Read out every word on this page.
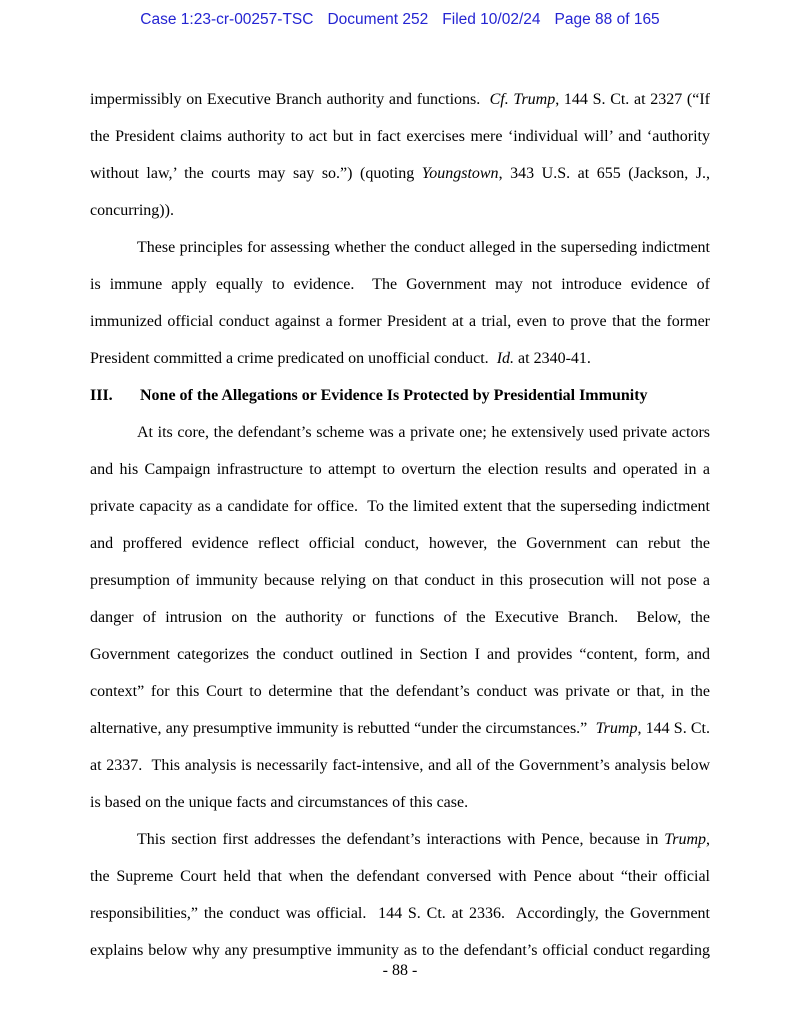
Case 1:23-cr-00257-TSC Document 252 Filed 10/02/24 Page 88 of 165

impermissibly on Executive Branch authority and functions.  Cf. Trump, 144 S. Ct. at 2327 (“If the President claims authority to act but in fact exercises mere ‘individual will’ and ‘authority without law,’ the courts may say so.”) (quoting Youngstown, 343 U.S. at 655 (Jackson, J., concurring)).

These principles for assessing whether the conduct alleged in the superseding indictment is immune apply equally to evidence.  The Government may not introduce evidence of immunized official conduct against a former President at a trial, even to prove that the former President committed a crime predicated on unofficial conduct.  Id. at 2340-41.

III. None of the Allegations or Evidence Is Protected by Presidential Immunity

At its core, the defendant’s scheme was a private one; he extensively used private actors and his Campaign infrastructure to attempt to overturn the election results and operated in a private capacity as a candidate for office.  To the limited extent that the superseding indictment and proffered evidence reflect official conduct, however, the Government can rebut the presumption of immunity because relying on that conduct in this prosecution will not pose a danger of intrusion on the authority or functions of the Executive Branch.  Below, the Government categorizes the conduct outlined in Section I and provides “content, form, and context” for this Court to determine that the defendant’s conduct was private or that, in the alternative, any presumptive immunity is rebutted “under the circumstances.”  Trump, 144 S. Ct. at 2337.  This analysis is necessarily fact-intensive, and all of the Government’s analysis below is based on the unique facts and circumstances of this case.

This section first addresses the defendant’s interactions with Pence, because in Trump, the Supreme Court held that when the defendant conversed with Pence about “their official responsibilities,” the conduct was official.  144 S. Ct. at 2336.  Accordingly, the Government explains below why any presumptive immunity as to the defendant’s official conduct regarding

- 88 -
